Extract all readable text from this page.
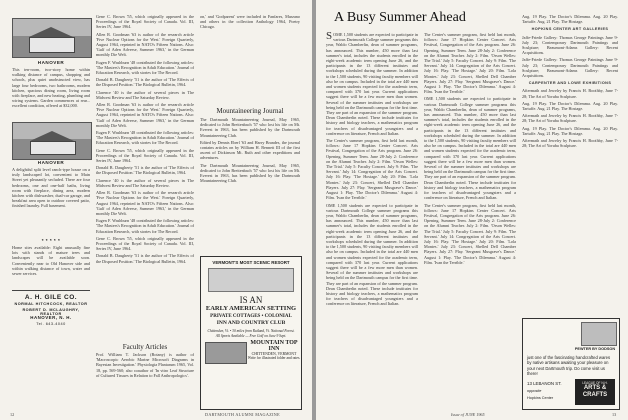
HANOVER
This ten-room, two-story home within walking distance of campus, shopping and schools, plus quiet unobstructed view, has large four bedrooms, two bathrooms, modern kitchen, spacious dining room, living room with fireplace, and new heating, plumbing and wiring systems. Garden commences at rear... excellent condition, offered at $32,000.
HANOVER
A delightful split level ranch-type house on a truly landscaped lot, convenient to Main Street yet pleasantly secluded. There are four bedrooms, one and one-half baths, living room with fireplace, dining area, modern kitchen with dishwasher, dual-car garage, and breakfast area open to outdoor covered patio, finished laundry. Full basement.
* * * * *
Home sites available: Eight unusually fine lots with stands of mature trees and landscapes will be available soon. Conveniently near to Old Hanover side and within walking distance of town, water and sewer services.
A. H. GILE CO.
NORMAL HITCHCOCK, REALTOR
ROBERT D. MCLAUGHRY, REALTOR
HANOVER, N. H.
Tel. 643-4040

Gene C. Brown '55, which originally appeared in the Proceedings of the Royal Society of Canada. Vol. III, Series IV, June 1964.

Allen R. Goodman '63 is author of the research article 'Five Nuclear Options for the West.' Foreign Quarterly, August 1964, reprinted in NATO's Fifteen Nations. Also: 'Gulf of Aden Adverse, Summer 1963,' in the German monthly Die Welt.

Eugen F. Washburn '48 contributed the following articles: 'The Masters's Recognition in Adult Education.' Journal of Education Research, with stories for The Record.

Donald B. Daugherty '51 is the author of 'The Effects of the Disposed Position.' The Biological Bulletin, 1964.

Clarence '40 is the author of several pieces in The Midwest Review and The Saturday Review.

Allen R. Goodman '63 is author of the research article 'Five Nuclear Options for the West.' Foreign Quarterly, August 1964, reprinted in NATO's Fifteen Nations. Also: 'Gulf of Aden Adverse, Summer 1963,' in the German monthly Die Welt.

Eugen F. Washburn '48 contributed the following articles: 'The Masters's Recognition in Adult Education.' Journal of Education Research, with stories for The Record.

Gene C. Brown '55, which originally appeared in the Proceedings of the Royal Society of Canada. Vol. III, Series IV, June 1964.

Donald B. Daugherty '51 is the author of 'The Effects of the Disposed Position.' The Biological Bulletin, 1964.

Clarence '40 is the author of several pieces in The Midwest Review and The Saturday Review.

Allen R. Goodman '63 is author of the research article 'Five Nuclear Options for the West.' Foreign Quarterly, August 1964, reprinted in NATO's Fifteen Nations. Also: 'Gulf of Aden Adverse, Summer 1963,' in the German monthly Die Welt.

Eugen F. Washburn '48 contributed the following articles: 'The Masters's Recognition in Adult Education.' Journal of Education Research, with stories for The Record.

Gene C. Brown '55, which originally appeared in the Proceedings of the Royal Society of Canada. Vol. III, Series IV, June 1964.

Donald B. Daugherty '51 is the author of 'The Effects of the Disposed Position.' The Biological Bulletin, 1964.

Faculty Articles
Prof. William T. Jackson (Botany) is author of 'Macroscopic Aerobic Marine Microsoft Diagrams in Bayesian Investigation.' Physiologia Plantarum 1965, Vol. 18, pp. 569-560; also coauthor of 'In vitro Leaf Structure of Cultured Tissues in Relation to Fall Anthropologics'.
on,' and 'Godparent' were included in Fanfares, Marzano and others in the collection Anthology 1964, Poetry Chicago.
Mountaineering Journal

The Dartmouth Mountaineering Journal, May 1965, dedicated to John Breitenbach '57 who lost his life on Mt. Everest in 1963, has been published by the Dartmouth Mountaineering Club.

Edited by Dennis Eberl '63 and Harry Brandes, the journal contains articles on by William H. Bennett III of the first ascent of Dickinson Mt. Ruth and other expeditions and adventures.

The Dartmouth Mountaineering Journal, May 1965, dedicated to John Breitenbach '57 who lost his life on Mt. Everest in 1963, has been published by the Dartmouth Mountaineering Club.

VERMONT'S MOST SCENIC RESORT
IS AN
EARLY AMERICAN SETTING
PRIVATE COTTAGES • COLONIAL
INN AND COUNTRY CLUB
Chittenden, Vt. • 30 miles from Rutland, Vt. National Forest. All Sports Available — Free Golf on June 9 Sept.
MOUNTAIN TOP INN
CHITTENDEN, VERMONT
Write for illustrated folder and rates.
12	DARTMOUTH ALUMNI MAGAZINE
A Busy Summer Ahead
SOME 1,500 students are expected to participate in various Dartmouth College summer programs this year, Waldo Chamberlin, dean of summer programs, has announced. This number, 450 more than last summer's total, includes the students enrolled in the eight-week academic term opening June 26, and the participants in the 13 different institutes and workshops scheduled during the summer. In addition to the 1,500 students, 90 visiting faculty members will also be on campus. Included in the total are 440 men and women students expected for the academic term, compared with 370 last year. Current applications suggest there will be a few more men than women. Several of the summer institutes and workshops are being held on the Dartmouth campus for the first time. They are part of an expansion of the summer program. Dean Chamberlin noted. These include institutes for history and biology teachers, a mathematics program for teachers of disadvantaged youngsters and a conference on literature, French and Italian.

The Center's summer program, first held last month, follows: June 17 Hopkins Center Concert. Arts Festival, Congregation of the Arts program. June 26: Opening, Summer Term. June 28-July 2: Conference on the Alumni Teacher. July 2: Film. 'Orson Welles: The Trial.' July 5: Faculty Concert. July 9: Film. 'The Servant.' July 14: Congregation of the Arts Concert. July 16: Play. 'The Hostage.' July 20: Film. 'Lola Montes.' July 23: Concert, Shelled Dell Chamber Players. July 27: Play. 'Sergeant Musgrave's Dance.' August 1: Play. 'The Doctor's Dilemma.' August 4: Film. 'Ivan the Terrible.'

OME 1,500 students are expected to participate in various Dartmouth College summer programs this year, Waldo Chamberlin, dean of summer programs, has announced. This number, 450 more than last summer's total, includes the students enrolled in the eight-week academic term opening June 26, and the participants in the 13 different institutes and workshops scheduled during the summer. In addition to the 1,500 students, 90 visiting faculty members will also be on campus. Included in the total are 440 men and women students expected for the academic term, compared with 370 last year. Current applications suggest there will be a few more men than women. Several of the summer institutes and workshops are being held on the Dartmouth campus for the first time. They are part of an expansion of the summer program. Dean Chamberlin noted. These include institutes for history and biology teachers, a mathematics program for teachers of disadvantaged youngsters and a conference on literature, French and Italian.

The Center's summer program, first held last month, follows: June 17 Hopkins Center Concert. Arts Festival, Congregation of the Arts program. June 26: Opening, Summer Term. June 28-July 2: Conference on the Alumni Teacher. July 2: Film. 'Orson Welles: The Trial.' July 5: Faculty Concert. July 9: Film. 'The Servant.' July 14: Congregation of the Arts Concert. July 16: Play. 'The Hostage.' July 20: Film. 'Lola Montes.' July 23: Concert, Shelled Dell Chamber Players. July 27: Play. 'Sergeant Musgrave's Dance.' August 1: Play. 'The Doctor's Dilemma.' August 4: Film. 'Ivan the Terrible.'

OME 1,500 students are expected to participate in various Dartmouth College summer programs this year, Waldo Chamberlin, dean of summer programs, has announced. This number, 450 more than last summer's total, includes the students enrolled in the eight-week academic term opening June 26, and the participants in the 13 different institutes and workshops scheduled during the summer. In addition to the 1,500 students, 90 visiting faculty members will also be on campus. Included in the total are 440 men and women students expected for the academic term, compared with 370 last year. Current applications suggest there will be a few more men than women. Several of the summer institutes and workshops are being held on the Dartmouth campus for the first time. They are part of an expansion of the summer program. Dean Chamberlin noted. These include institutes for history and biology teachers, a mathematics program for teachers of disadvantaged youngsters and a conference on literature, French and Italian.

The Center's summer program, first held last month, follows: June 17 Hopkins Center Concert. Arts Festival, Congregation of the Arts program. June 26: Opening, Summer Term. June 28-July 2: Conference on the Alumni Teacher. July 2: Film. 'Orson Welles: The Trial.' July 5: Faculty Concert. July 9: Film. 'The Servant.' July 14: Congregation of the Arts Concert. July 16: Play. 'The Hostage.' July 20: Film. 'Lola Montes.' July 23: Concert, Shelled Dell Chamber Players. July 27: Play. 'Sergeant Musgrave's Dance.' August 1: Play. 'The Doctor's Dilemma.' August 4: Film. 'Ivan the Terrible.'

Aug. 19 Play. The Doctor's Dilemma. Aug. 20 Play. Tartuffe. Aug. 21 Play. The Hostage.

HOPKINS CENTER ART GALLERIES

Jaffe-Friede Gallery: Thomas George Paintings June 9-July 23; Contemporary Dartmouth Paintings and Sculpture; Beaumont-Adams Gallery: Recent Acquisitions.

Jaffe-Friede Gallery: Thomas George Paintings June 9-July 23; Contemporary Dartmouth Paintings and Sculpture; Beaumont-Adams Gallery: Recent Acquisitions.

CARPENTER AND LOWE EXHIBITIONS

Aftermath and Jewelry by Francis H. Boothby, June 7-28; The Art of Yoruba Sculpture.

Aug. 19 Play. The Doctor's Dilemma. Aug. 20 Play. Tartuffe. Aug. 21 Play. The Hostage.

Aftermath and Jewelry by Francis H. Boothby, June 7-28; The Art of Yoruba Sculpture.

Aug. 19 Play. The Doctor's Dilemma. Aug. 20 Play. Tartuffe. Aug. 21 Play. The Hostage.

Aftermath and Jewelry by Francis H. Boothby, June 7-28; The Art of Yoruba Sculpture.

PEWTER BY DODSON
just one of the fascinating handcrafted wares by native artisans awaiting your pleasure on your next Dartmouth trip. Do come visit us there!
13 LEBANON ST.
opposite
Hopkins Center
LEAGUE OF N.H.
ARTS & CRAFTS
Issue of JUNE 1965	13
